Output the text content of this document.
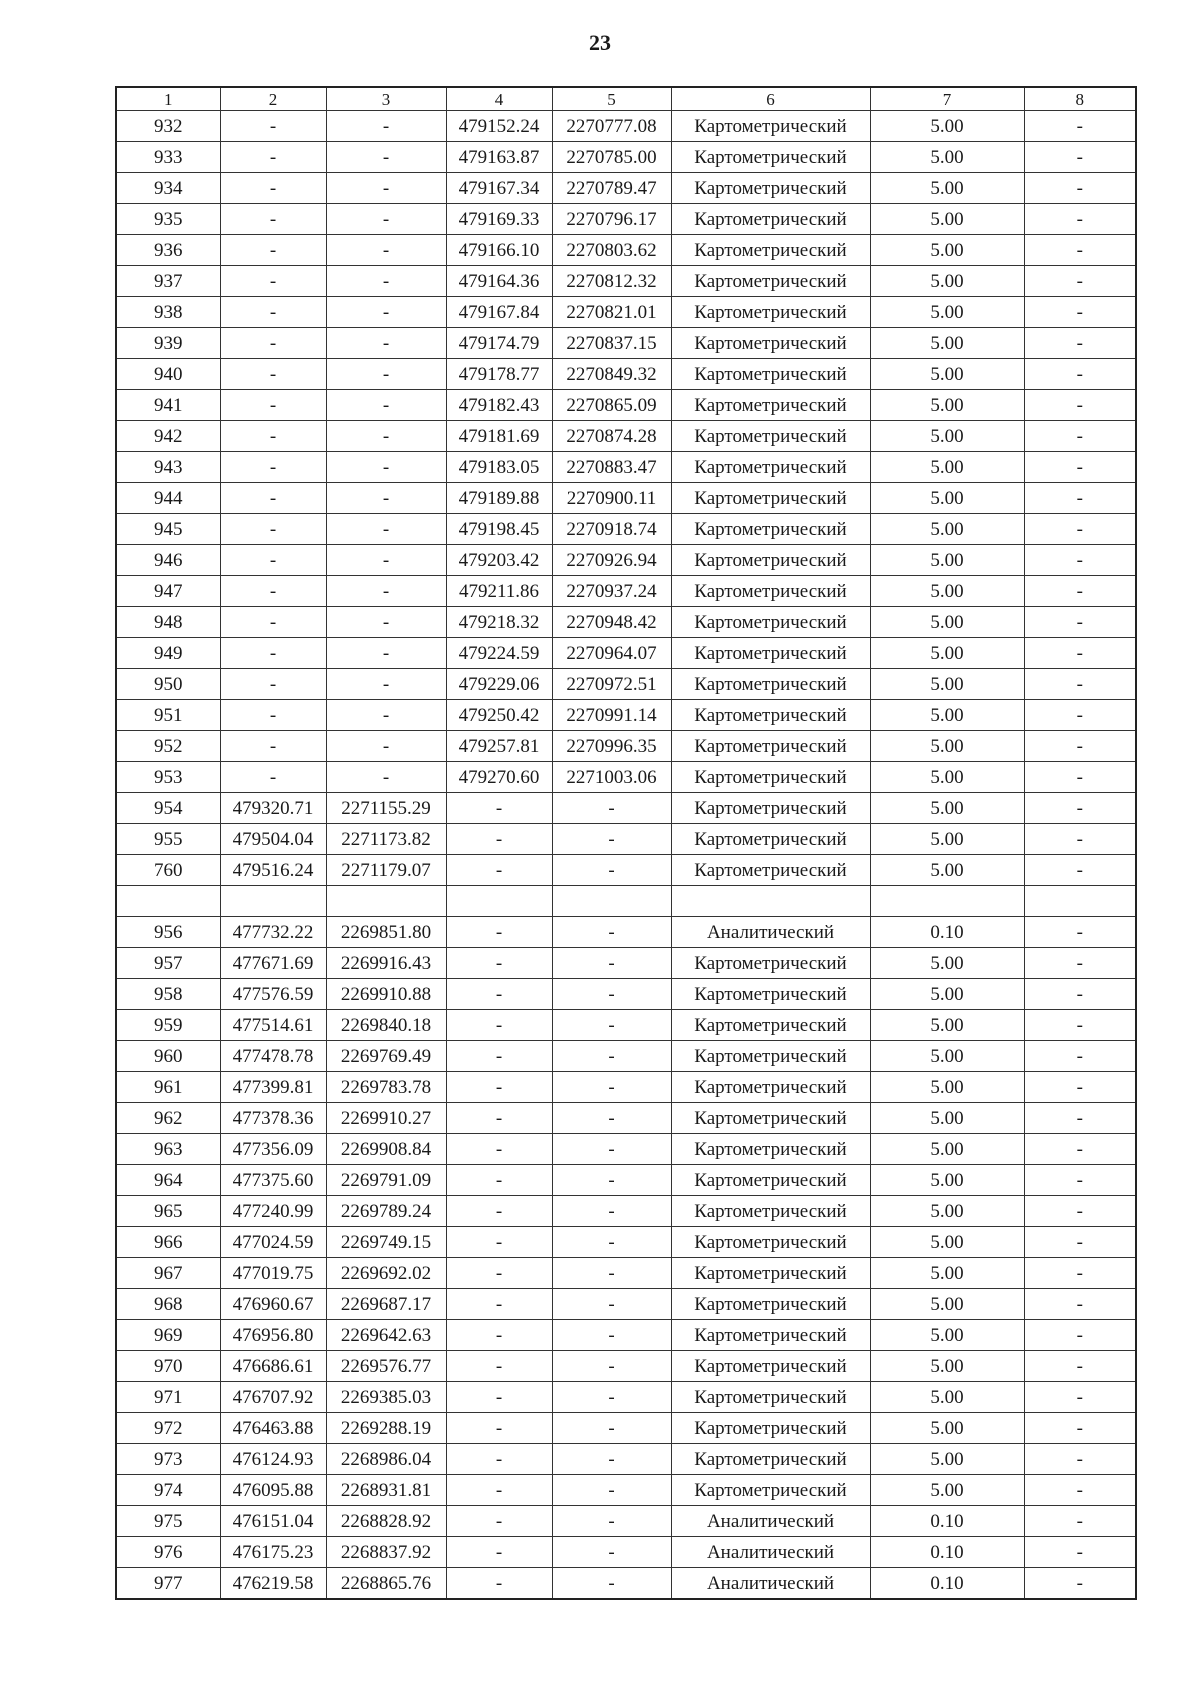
23
1	2	3	4	5	6	7	8
932	-	-	479152.24	2270777.08	Картометрический	5.00	-
933	-	-	479163.87	2270785.00	Картометрический	5.00	-
934	-	-	479167.34	2270789.47	Картометрический	5.00	-
935	-	-	479169.33	2270796.17	Картометрический	5.00	-
936	-	-	479166.10	2270803.62	Картометрический	5.00	-
937	-	-	479164.36	2270812.32	Картометрический	5.00	-
938	-	-	479167.84	2270821.01	Картометрический	5.00	-
939	-	-	479174.79	2270837.15	Картометрический	5.00	-
940	-	-	479178.77	2270849.32	Картометрический	5.00	-
941	-	-	479182.43	2270865.09	Картометрический	5.00	-
942	-	-	479181.69	2270874.28	Картометрический	5.00	-
943	-	-	479183.05	2270883.47	Картометрический	5.00	-
944	-	-	479189.88	2270900.11	Картометрический	5.00	-
945	-	-	479198.45	2270918.74	Картометрический	5.00	-
946	-	-	479203.42	2270926.94	Картометрический	5.00	-
947	-	-	479211.86	2270937.24	Картометрический	5.00	-
948	-	-	479218.32	2270948.42	Картометрический	5.00	-
949	-	-	479224.59	2270964.07	Картометрический	5.00	-
950	-	-	479229.06	2270972.51	Картометрический	5.00	-
951	-	-	479250.42	2270991.14	Картометрический	5.00	-
952	-	-	479257.81	2270996.35	Картометрический	5.00	-
953	-	-	479270.60	2271003.06	Картометрический	5.00	-
954	479320.71	2271155.29	-	-	Картометрический	5.00	-
955	479504.04	2271173.82	-	-	Картометрический	5.00	-
760	479516.24	2271179.07	-	-	Картометрический	5.00	-

956	477732.22	2269851.80	-	-	Аналитический	0.10	-
957	477671.69	2269916.43	-	-	Картометрический	5.00	-
958	477576.59	2269910.88	-	-	Картометрический	5.00	-
959	477514.61	2269840.18	-	-	Картометрический	5.00	-
960	477478.78	2269769.49	-	-	Картометрический	5.00	-
961	477399.81	2269783.78	-	-	Картометрический	5.00	-
962	477378.36	2269910.27	-	-	Картометрический	5.00	-
963	477356.09	2269908.84	-	-	Картометрический	5.00	-
964	477375.60	2269791.09	-	-	Картометрический	5.00	-
965	477240.99	2269789.24	-	-	Картометрический	5.00	-
966	477024.59	2269749.15	-	-	Картометрический	5.00	-
967	477019.75	2269692.02	-	-	Картометрический	5.00	-
968	476960.67	2269687.17	-	-	Картометрический	5.00	-
969	476956.80	2269642.63	-	-	Картометрический	5.00	-
970	476686.61	2269576.77	-	-	Картометрический	5.00	-
971	476707.92	2269385.03	-	-	Картометрический	5.00	-
972	476463.88	2269288.19	-	-	Картометрический	5.00	-
973	476124.93	2268986.04	-	-	Картометрический	5.00	-
974	476095.88	2268931.81	-	-	Картометрический	5.00	-
975	476151.04	2268828.92	-	-	Аналитический	0.10	-
976	476175.23	2268837.92	-	-	Аналитический	0.10	-
977	476219.58	2268865.76	-	-	Аналитический	0.10	-
